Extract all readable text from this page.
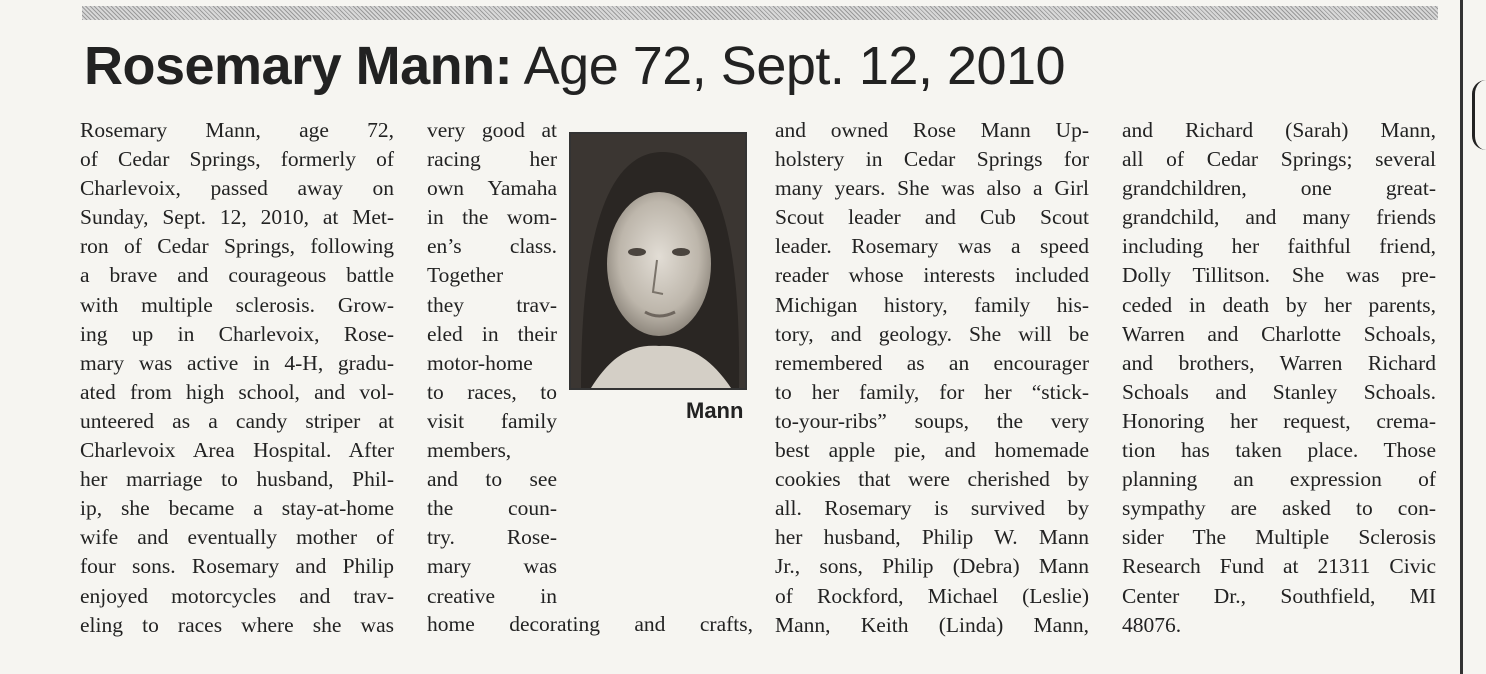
Rosemary Mann: Age 72, Sept. 12, 2010

Rosemary Mann, age 72,
of Cedar Springs, formerly of
Charlevoix, passed away on
Sunday, Sept. 12, 2010, at Met-
ron of Cedar Springs, following
a brave and courageous battle
with multiple sclerosis. Grow-
ing up in Charlevoix, Rose-
mary was active in 4-H, gradu-
ated from high school, and vol-
unteered as a candy striper at
Charlevoix Area Hospital. After
her marriage to husband, Phil-
ip, she became a stay-at-home
wife and eventually mother of
four sons. Rosemary and Philip
enjoyed motorcycles and trav-
eling to races where she was

very good at
racing her
own Yamaha
in the wom-
en’s class.
Together
they trav-
eled in their
motor-home
to races, to
visit family
members,
and to see
the coun-
try. Rose-
mary was
creative in

home decorating and crafts,

Mann

and owned Rose Mann Up-
holstery in Cedar Springs for
many years. She was also a Girl
Scout leader and Cub Scout
leader. Rosemary was a speed
reader whose interests included
Michigan history, family his-
tory, and geology. She will be
remembered as an encourager
to her family, for her “stick-
to-your-ribs” soups, the very
best apple pie, and homemade
cookies that were cherished by
all. Rosemary is survived by
her husband, Philip W. Mann
Jr., sons, Philip (Debra) Mann
of Rockford, Michael (Leslie)
Mann, Keith (Linda) Mann,

and Richard (Sarah) Mann,
all of Cedar Springs; several
grandchildren, one great-
grandchild, and many friends
including her faithful friend,
Dolly Tillitson. She was pre-
ceded in death by her parents,
Warren and Charlotte Schoals,
and brothers, Warren Richard
Schoals and Stanley Schoals.
Honoring her request, crema-
tion has taken place. Those
planning an expression of
sympathy are asked to con-
sider The Multiple Sclerosis
Research Fund at 21311 Civic
Center Dr., Southfield, MI
48076.
